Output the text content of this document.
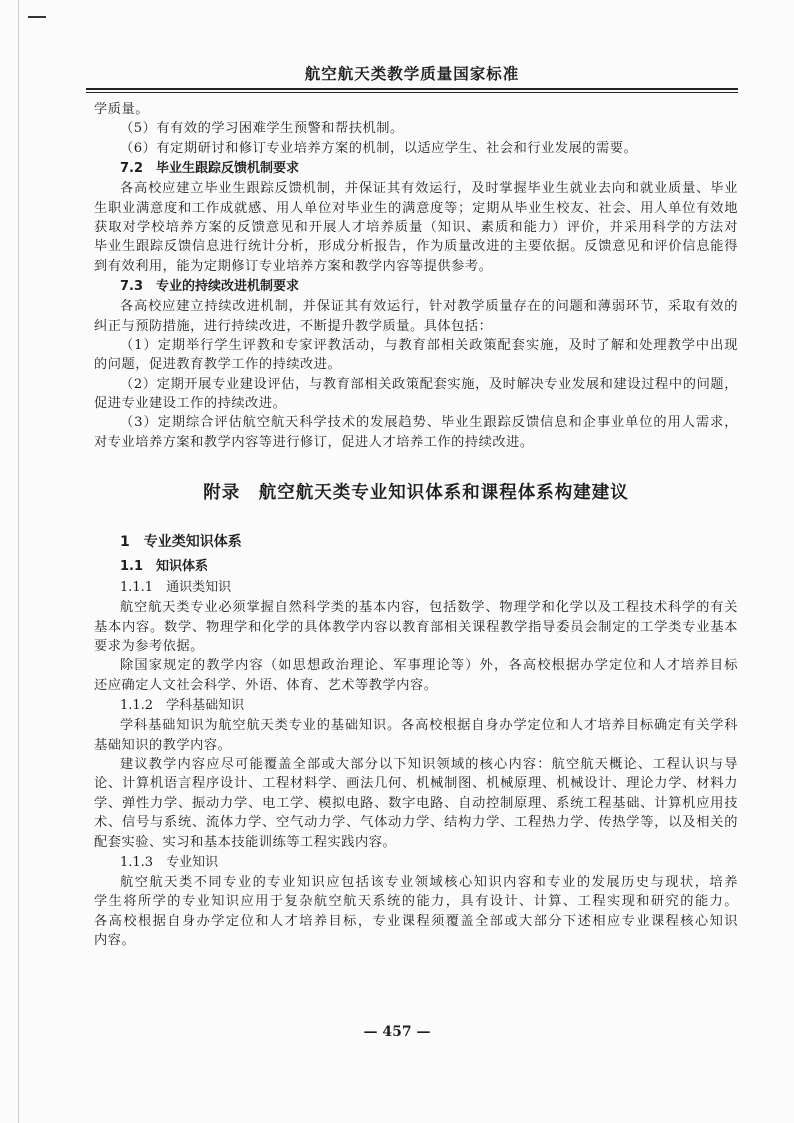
航空航天类教学质量国家标准
学质量。
（5）有有效的学习困难学生预警和帮扶机制。
（6）有定期研讨和修订专业培养方案的机制，以适应学生、社会和行业发展的需要。
7.2　毕业生跟踪反馈机制要求
各高校应建立毕业生跟踪反馈机制，并保证其有效运行，及时掌握毕业生就业去向和就业质量、毕业
生职业满意度和工作成就感、用人单位对毕业生的满意度等；定期从毕业生校友、社会、用人单位有效地
获取对学校培养方案的反馈意见和开展人才培养质量（知识、素质和能力）评价，并采用科学的方法对
毕业生跟踪反馈信息进行统计分析，形成分析报告，作为质量改进的主要依据。反馈意见和评价信息能得
到有效利用，能为定期修订专业培养方案和教学内容等提供参考。
7.3　专业的持续改进机制要求
各高校应建立持续改进机制，并保证其有效运行，针对教学质量存在的问题和薄弱环节，采取有效的
纠正与预防措施，进行持续改进，不断提升教学质量。具体包括：
（1）定期举行学生评教和专家评教活动，与教育部相关政策配套实施，及时了解和处理教学中出现
的问题，促进教育教学工作的持续改进。
（2）定期开展专业建设评估，与教育部相关政策配套实施，及时解决专业发展和建设过程中的问题，
促进专业建设工作的持续改进。
（3）定期综合评估航空航天科学技术的发展趋势、毕业生跟踪反馈信息和企事业单位的用人需求，
对专业培养方案和教学内容等进行修订，促进人才培养工作的持续改进。
附录　航空航天类专业知识体系和课程体系构建建议
1　专业类知识体系
1.1　知识体系
1.1.1　通识类知识
航空航天类专业必须掌握自然科学类的基本内容，包括数学、物理学和化学以及工程技术科学的有关
基本内容。数学、物理学和化学的具体教学内容以教育部相关课程教学指导委员会制定的工学类专业基本
要求为参考依据。
除国家规定的教学内容（如思想政治理论、军事理论等）外，各高校根据办学定位和人才培养目标
还应确定人文社会科学、外语、体育、艺术等教学内容。
1.1.2　学科基础知识
学科基础知识为航空航天类专业的基础知识。各高校根据自身办学定位和人才培养目标确定有关学科
基础知识的教学内容。
建议教学内容应尽可能覆盖全部或大部分以下知识领域的核心内容：航空航天概论、工程认识与导
论、计算机语言程序设计、工程材料学、画法几何、机械制图、机械原理、机械设计、理论力学、材料力
学、弹性力学、振动力学、电工学、模拟电路、数字电路、自动控制原理、系统工程基础、计算机应用技
术、信号与系统、流体力学、空气动力学、气体动力学、结构力学、工程热力学、传热学等，以及相关的
配套实验、实习和基本技能训练等工程实践内容。
1.1.3　专业知识
航空航天类不同专业的专业知识应包括该专业领域核心知识内容和专业的发展历史与现状，培养
学生将所学的专业知识应用于复杂航空航天系统的能力，具有设计、计算、工程实现和研究的能力。
各高校根据自身办学定位和人才培养目标，专业课程须覆盖全部或大部分下述相应专业课程核心知识
内容。
— 457 —
